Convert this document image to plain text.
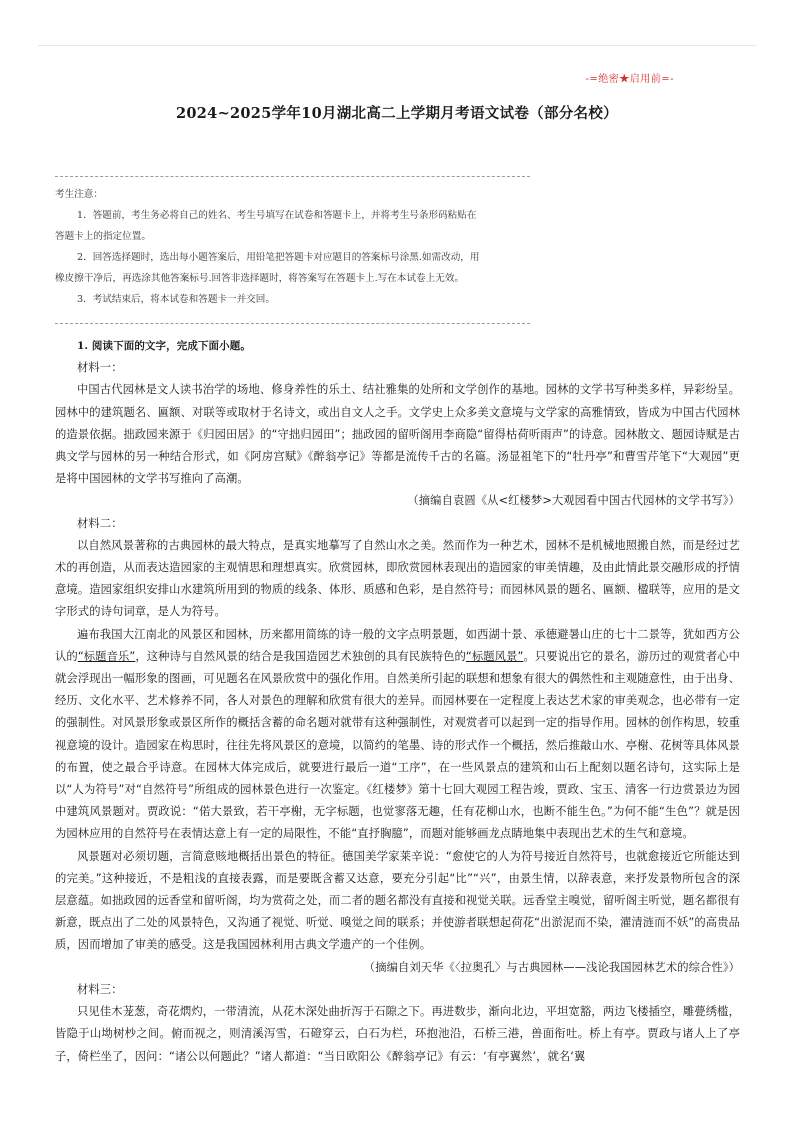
-=绝密★启用前=-
2024~2025学年10月湖北高二上学期月考语文试卷（部分名校）

考生注意：

1．答题前，考生务必将自己的姓名、考生号填写在试卷和答题卡上，并将考生号条形码粘贴在

答题卡上的指定位置。

2．回答选择题时，选出每小题答案后，用铅笔把答题卡对应题目的答案标号涂黑.如需改动，用

橡皮擦干净后，再选涂其他答案标号.回答非选择题时，将答案写在答题卡上.写在本试卷上无效。

3．考试结束后，将本试卷和答题卡一并交回。

1. 阅读下面的文字，完成下面小题。

材料一：

中国古代园林是文人读书治学的场地、修身养性的乐土、结社雅集的处所和文学创作的基地。园林的文学书写种类多样，异彩纷呈。园林中的建筑题名、匾额、对联等或取材于名诗文，或出自文人之手。文学史上众多美文意境与文学家的高雅情致，皆成为中国古代园林的造景依据。拙政园来源于《归园田居》的“守拙归园田”；拙政园的留听阁用李商隐“留得枯荷听雨声”的诗意。园林散文、题园诗赋是古典文学与园林的另一种结合形式，如《阿房宫赋》《醉翁亭记》等都是流传千古的名篇。汤显祖笔下的“牡丹亭”和曹雪芹笔下“大观园”更是将中国园林的文学书写推向了高潮。

（摘编自袁圆《从<红楼梦>大观园看中国古代园林的文学书写》）

材料二：

以自然风景著称的古典园林的最大特点，是真实地摹写了自然山水之美。然而作为一种艺术，园林不是机械地照搬自然，而是经过艺术的再创造，从而表达造园家的主观情思和理想真实。欣赏园林，即欣赏园林表现出的造园家的审美情趣，及由此情此景交融形成的抒情意境。造园家组织安排山水建筑所用到的物质的线条、体形、质感和色彩，是自然符号；而园林风景的题名、匾额、楹联等，应用的是文字形式的诗句词章，是人为符号。

遍布我国大江南北的风景区和园林，历来都用简练的诗一般的文字点明景题，如西湖十景、承德避暑山庄的七十二景等，犹如西方公认的“标题音乐”，这种诗与自然风景的结合是我国造园艺术独创的具有民族特色的“标题风景”。只要说出它的景名，游历过的观赏者心中就会浮现出一幅形象的图画，可见题名在风景欣赏中的强化作用。自然美所引起的联想和想象有很大的偶然性和主观随意性，由于出身、经历、文化水平、艺术修养不同，各人对景色的理解和欣赏有很大的差异。而园林要在一定程度上表达艺术家的审美观念，也必带有一定的强制性。对风景形象或景区所作的概括含蓄的命名题对就带有这种强制性，对观赏者可以起到一定的指导作用。园林的创作构思，较重视意境的设计。造园家在构思时，往往先将风景区的意境，以简约的笔墨、诗的形式作一个概括，然后推敲山水、亭榭、花树等具体风景的布置，使之最合乎诗意。在园林大体完成后，就要进行最后一道“工序”，在一些风景点的建筑和山石上配刻以题名诗句，这实际上是以“人为符号”对“自然符号”所组成的园林景色进行一次鉴定。《红楼梦》第十七回大观园工程告竣，贾政、宝玉、清客一行边赏景边为园中建筑风景题对。贾政说：“偌大景致，若干亭榭，无字标题，也觉寥落无趣，任有花柳山水，也断不能生色。”为何不能“生色”？就是因为园林应用的自然符号在表情达意上有一定的局限性，不能“直抒胸臆”，而题对能够画龙点睛地集中表现出艺术的生气和意境。

风景题对必须切题，言简意赅地概括出景色的特征。德国美学家莱辛说：“愈使它的人为符号接近自然符号，也就愈接近它所能达到的完美。”这种接近，不是粗浅的直接表露，而是要既含蓄又达意，要充分引起“比”“兴”，由景生情，以辞表意，来抒发景物所包含的深层意蕴。如拙政园的远香堂和留听阁，均为赏荷之处，而二者的题名都没有直接和视觉关联。远香堂主嗅觉，留听阁主听觉，题名都很有新意，既点出了二处的风景特色，又沟通了视觉、听觉、嗅觉之间的联系；并使游者联想起荷花“出淤泥而不染，濯清涟而不妖”的高贵品质，因而增加了审美的感受。这是我国园林利用古典文学遗产的一个佳例。

（摘编自刘天华《〈拉奥孔〉与古典园林——浅论我国园林艺术的综合性》）

材料三：

只见佳木茏葱，奇花熌灼，一带清流，从花木深处曲折泻于石隙之下。再进数步，渐向北边，平坦宽豁，两边飞楼插空，雕甍绣槛，皆隐于山坳树杪之间。俯而视之，则清溪泻雪，石磴穿云，白石为栏，环抱池沿，石桥三港，兽面衔吐。桥上有亭。贾政与诸人上了亭子，倚栏坐了，因问：“诸公以何题此？”诸人都道：“当日欧阳公《醉翁亭记》有云：‘有亭翼然’，就名‘翼
